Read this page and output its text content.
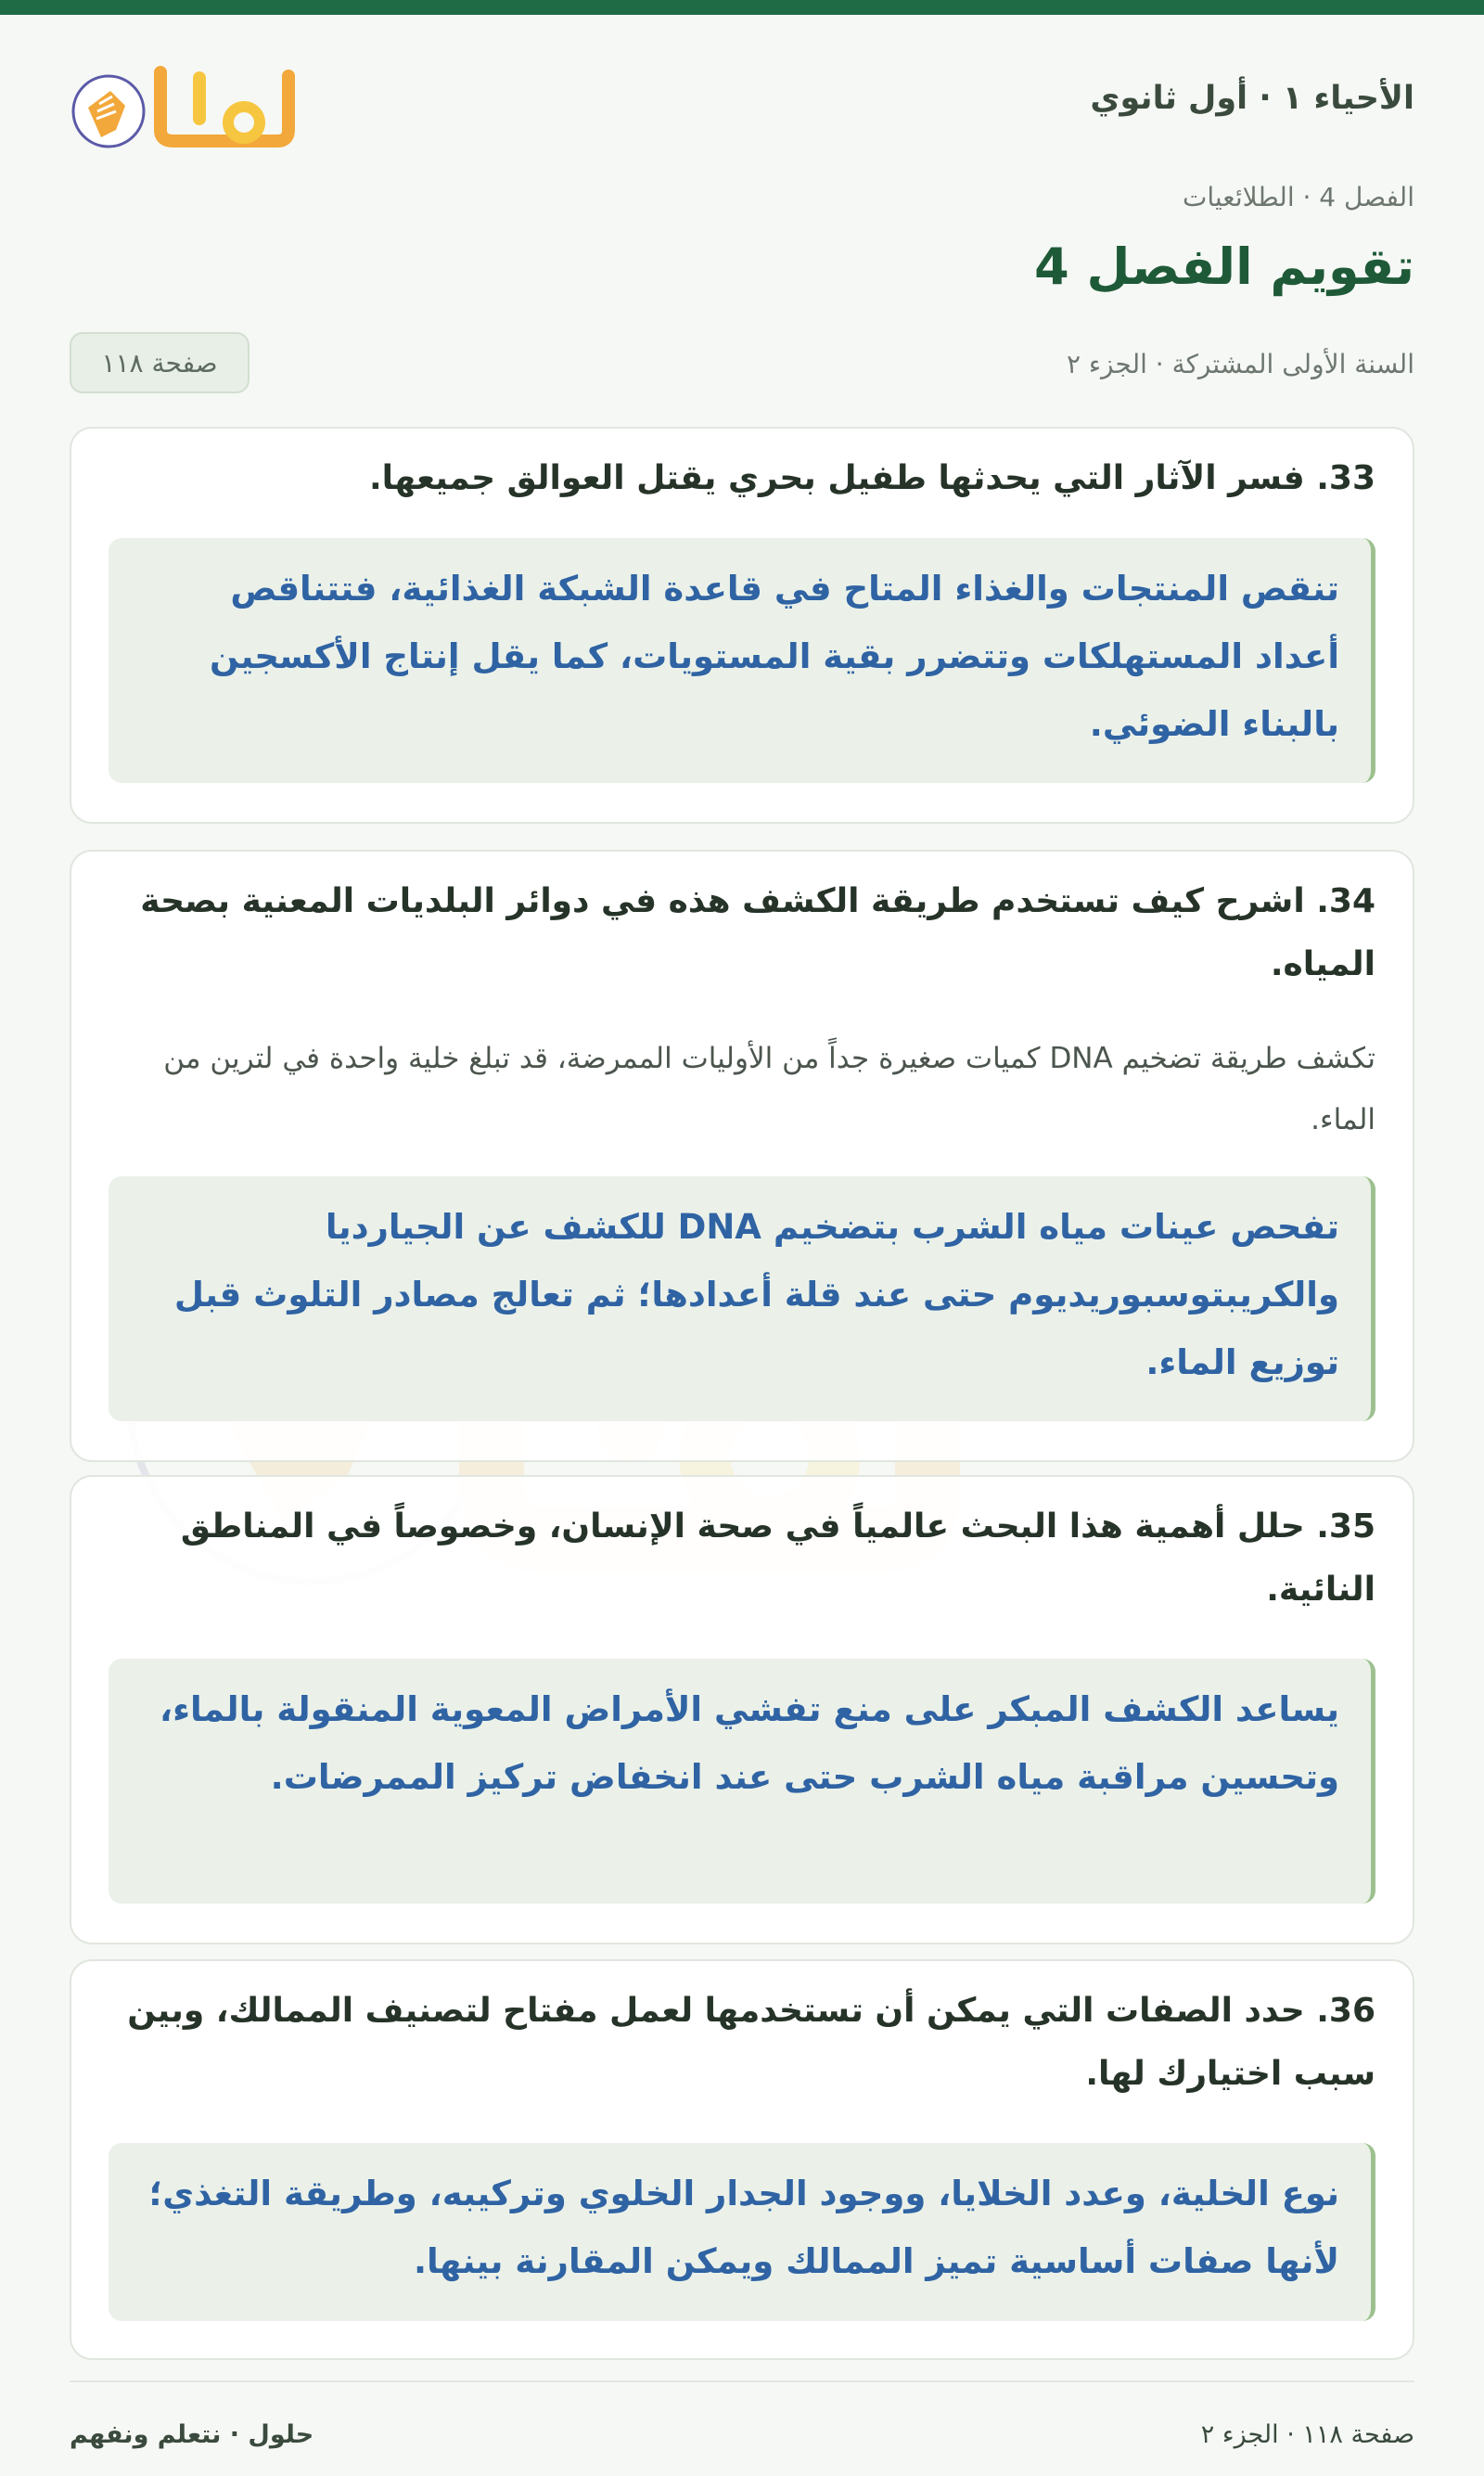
الأحياء ١ · أول ثانوي
الفصل 4 · الطلائعيات
تقويم الفصل 4
السنة الأولى المشتركة · الجزء ٢
صفحة ١١٨

33. فسر الآثار التي يحدثها طفيل بحري يقتل العوالق جميعها.

تنقص المنتجات والغذاء المتاح في قاعدة الشبكة الغذائية، فتتناقص أعداد المستهلكات وتتضرر بقية المستويات، كما يقل إنتاج الأكسجين بالبناء الضوئي.

34. اشرح كيف تستخدم طريقة الكشف هذه في دوائر البلديات المعنية بصحة المياه.

تكشف طريقة تضخيم DNA كميات صغيرة جداً من الأوليات الممرضة، قد تبلغ خلية واحدة في لترين من الماء.

تفحص عينات مياه الشرب بتضخيم DNA للكشف عن الجيارديا والكريبتوسبوريديوم حتى عند قلة أعدادها؛ ثم تعالج مصادر التلوث قبل توزيع الماء.

35. حلل أهمية هذا البحث عالمياً في صحة الإنسان، وخصوصاً في المناطق النائية.

يساعد الكشف المبكر على منع تفشي الأمراض المعوية المنقولة بالماء، وتحسين مراقبة مياه الشرب حتى عند انخفاض تركيز الممرضات.

36. حدد الصفات التي يمكن أن تستخدمها لعمل مفتاح لتصنيف الممالك، وبين سبب اختيارك لها.

نوع الخلية، وعدد الخلايا، ووجود الجدار الخلوي وتركيبه، وطريقة التغذي؛ لأنها صفات أساسية تميز الممالك ويمكن المقارنة بينها.
حلول · نتعلم ونفهم	صفحة ١١٨ · الجزء ٢
